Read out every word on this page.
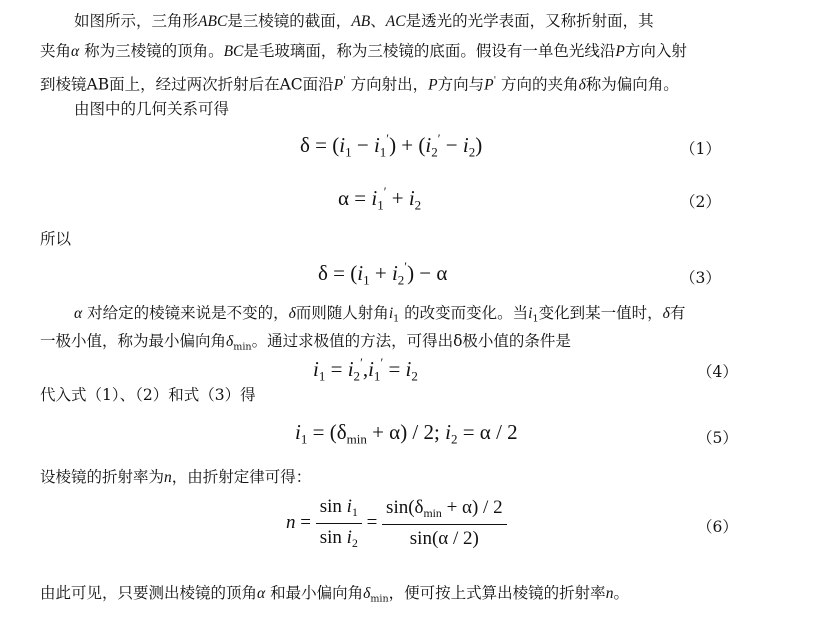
如图所示，三角形ABC是三棱镜的截面，AB、AC是透光的光学表面，又称折射面，其
夹角α 称为三棱镜的顶角。BC是毛玻璃面，称为三棱镜的底面。假设有一单色光线沿P方向入射
到棱镜AB面上，经过两次折射后在AC面沿P' 方向射出，P方向与P' 方向的夹角δ称为偏向角。
由图中的几何关系可得
$\delta = (i_1 - i_1') + (i_2' - i_2)$	（1）
$\alpha = i_1' + i_2$	（2）
所以
$\delta = (i_1 + i_2') - \alpha$	（3）
α 对给定的棱镜来说是不变的，δ而则随人射角$i_1$ 的改变而变化。当$i_1$变化到某一值时，δ有
一极小值，称为最小偏向角$\delta_{min}$。通过求极值的方法，可得出δ极小值的条件是
$i_1 = i_2',i_1' = i_2$	（4）
代入式（1）、（2）和式（3）得
$i_1 = (\delta_{min} + \alpha) / 2$; $i_2 = \alpha / 2$	（5）
设棱镜的折射率为n，由折射定律可得：
$n = \frac{\sin i_1}{\sin i_2} = \frac{\sin(\delta_{min} + \alpha) / 2}{\sin(\alpha / 2)}$	（6）
由此可见，只要测出棱镜的顶角α 和最小偏向角$\delta_{min}$，便可按上式算出棱镜的折射率n。
